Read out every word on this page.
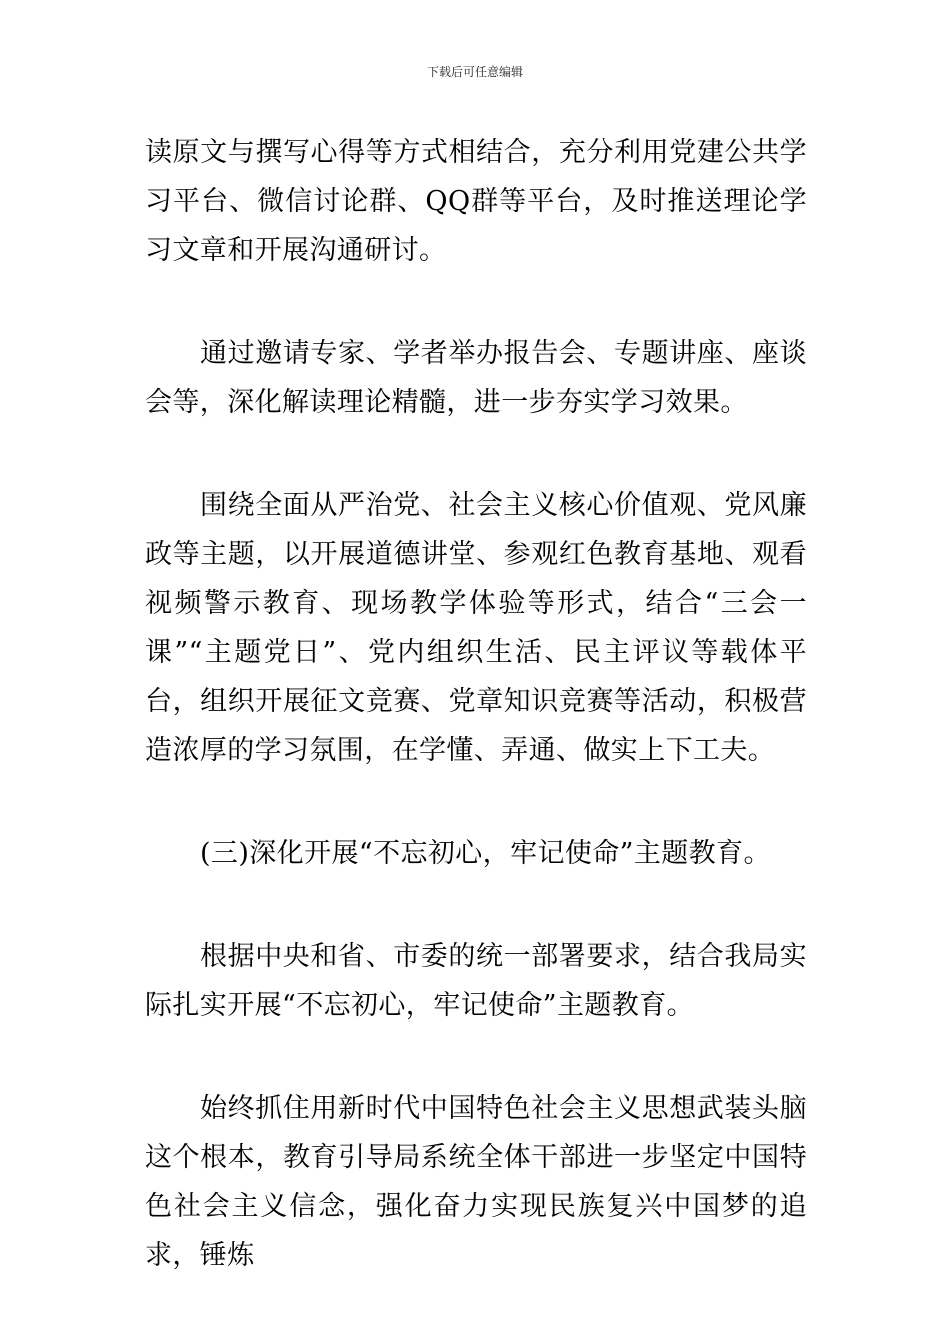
下载后可任意编辑

读原文与撰写心得等方式相结合，充分利用党建公共学习平台、微信讨论群、QQ群等平台，及时推送理论学习文章和开展沟通研讨。

通过邀请专家、学者举办报告会、专题讲座、座谈会等，深化解读理论精髓，进一步夯实学习效果。

围绕全面从严治党、社会主义核心价值观、党风廉政等主题，以开展道德讲堂、参观红色教育基地、观看视频警示教育、现场教学体验等形式，结合“三会一课”“主题党日”、党内组织生活、民主评议等载体平台，组织开展征文竞赛、党章知识竞赛等活动，积极营造浓厚的学习氛围，在学懂、弄通、做实上下工夫。

(三)深化开展“不忘初心，牢记使命”主题教育。

根据中央和省、市委的统一部署要求，结合我局实际扎实开展“不忘初心，牢记使命”主题教育。

始终抓住用新时代中国特色社会主义思想武装头脑这个根本，教育引导局系统全体干部进一步坚定中国特色社会主义信念，强化奋力实现民族复兴中国梦的追求，锤炼
